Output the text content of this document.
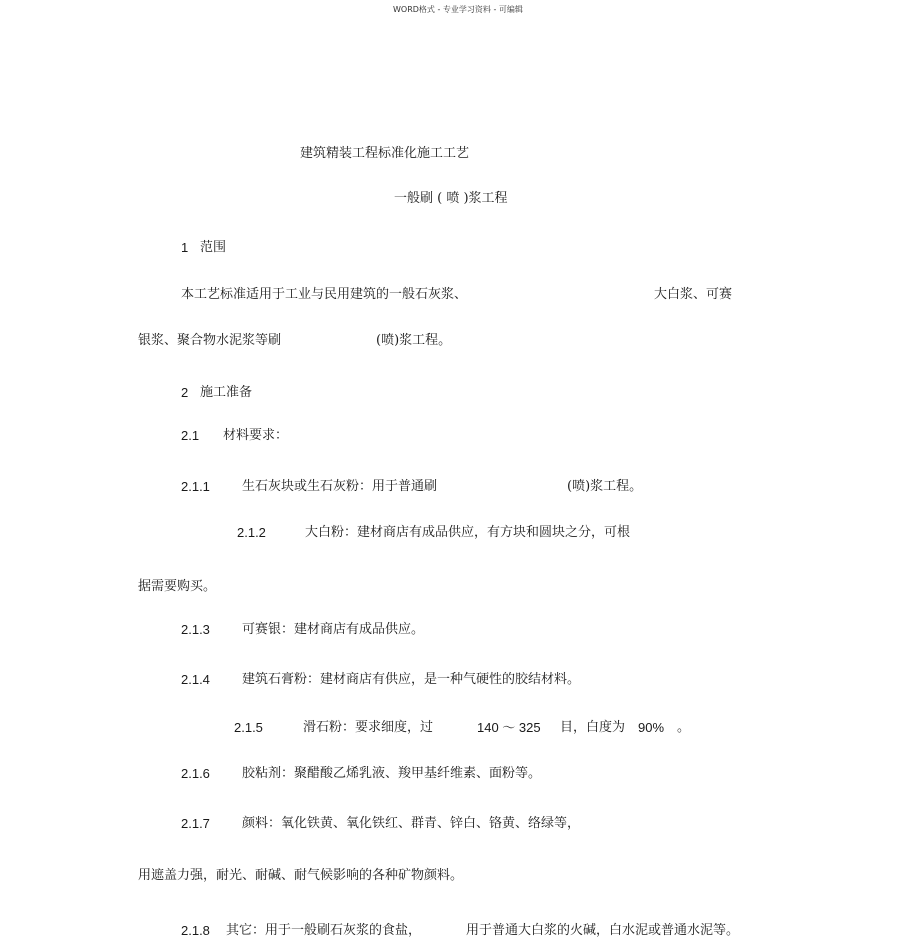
WORD格式 - 专业学习资料 - 可编辑
建筑精装工程标准化施工工艺
一般刷 ( 喷 )浆工程
1 范围
本工艺标准适用于工业与民用建筑的一般石灰浆、	大白浆、可赛
银浆、聚合物水泥浆等刷	(喷)浆工程。
2 施工准备
2.1 材料要求：
2.1.1 生石灰块或生石灰粉：用于普通刷	(喷)浆工程。
2.1.2	大白粉：建材商店有成品供应，有方块和圆块之分，可根
据需要购买。
2.1.3 可赛银：建材商店有成品供应。
2.1.4 建筑石膏粉：建材商店有供应，是一种气硬性的胶结材料。
2.1.5	滑石粉：要求细度，过	140 ～ 325 目，白度为 90% 。
2.1.6 胶粘剂：聚醋酸乙烯乳液、羧甲基纤维素、面粉等。
2.1.7 颜料：氧化铁黄、氧化铁红、群青、锌白、铬黄、络绿等，
用遮盖力强，耐光、耐碱、耐气候影响的各种矿物颜料。
2.1.8 其它：用于一般刷石灰浆的食盐，	用于普通大白浆的火碱，白水泥或普通水泥等。
